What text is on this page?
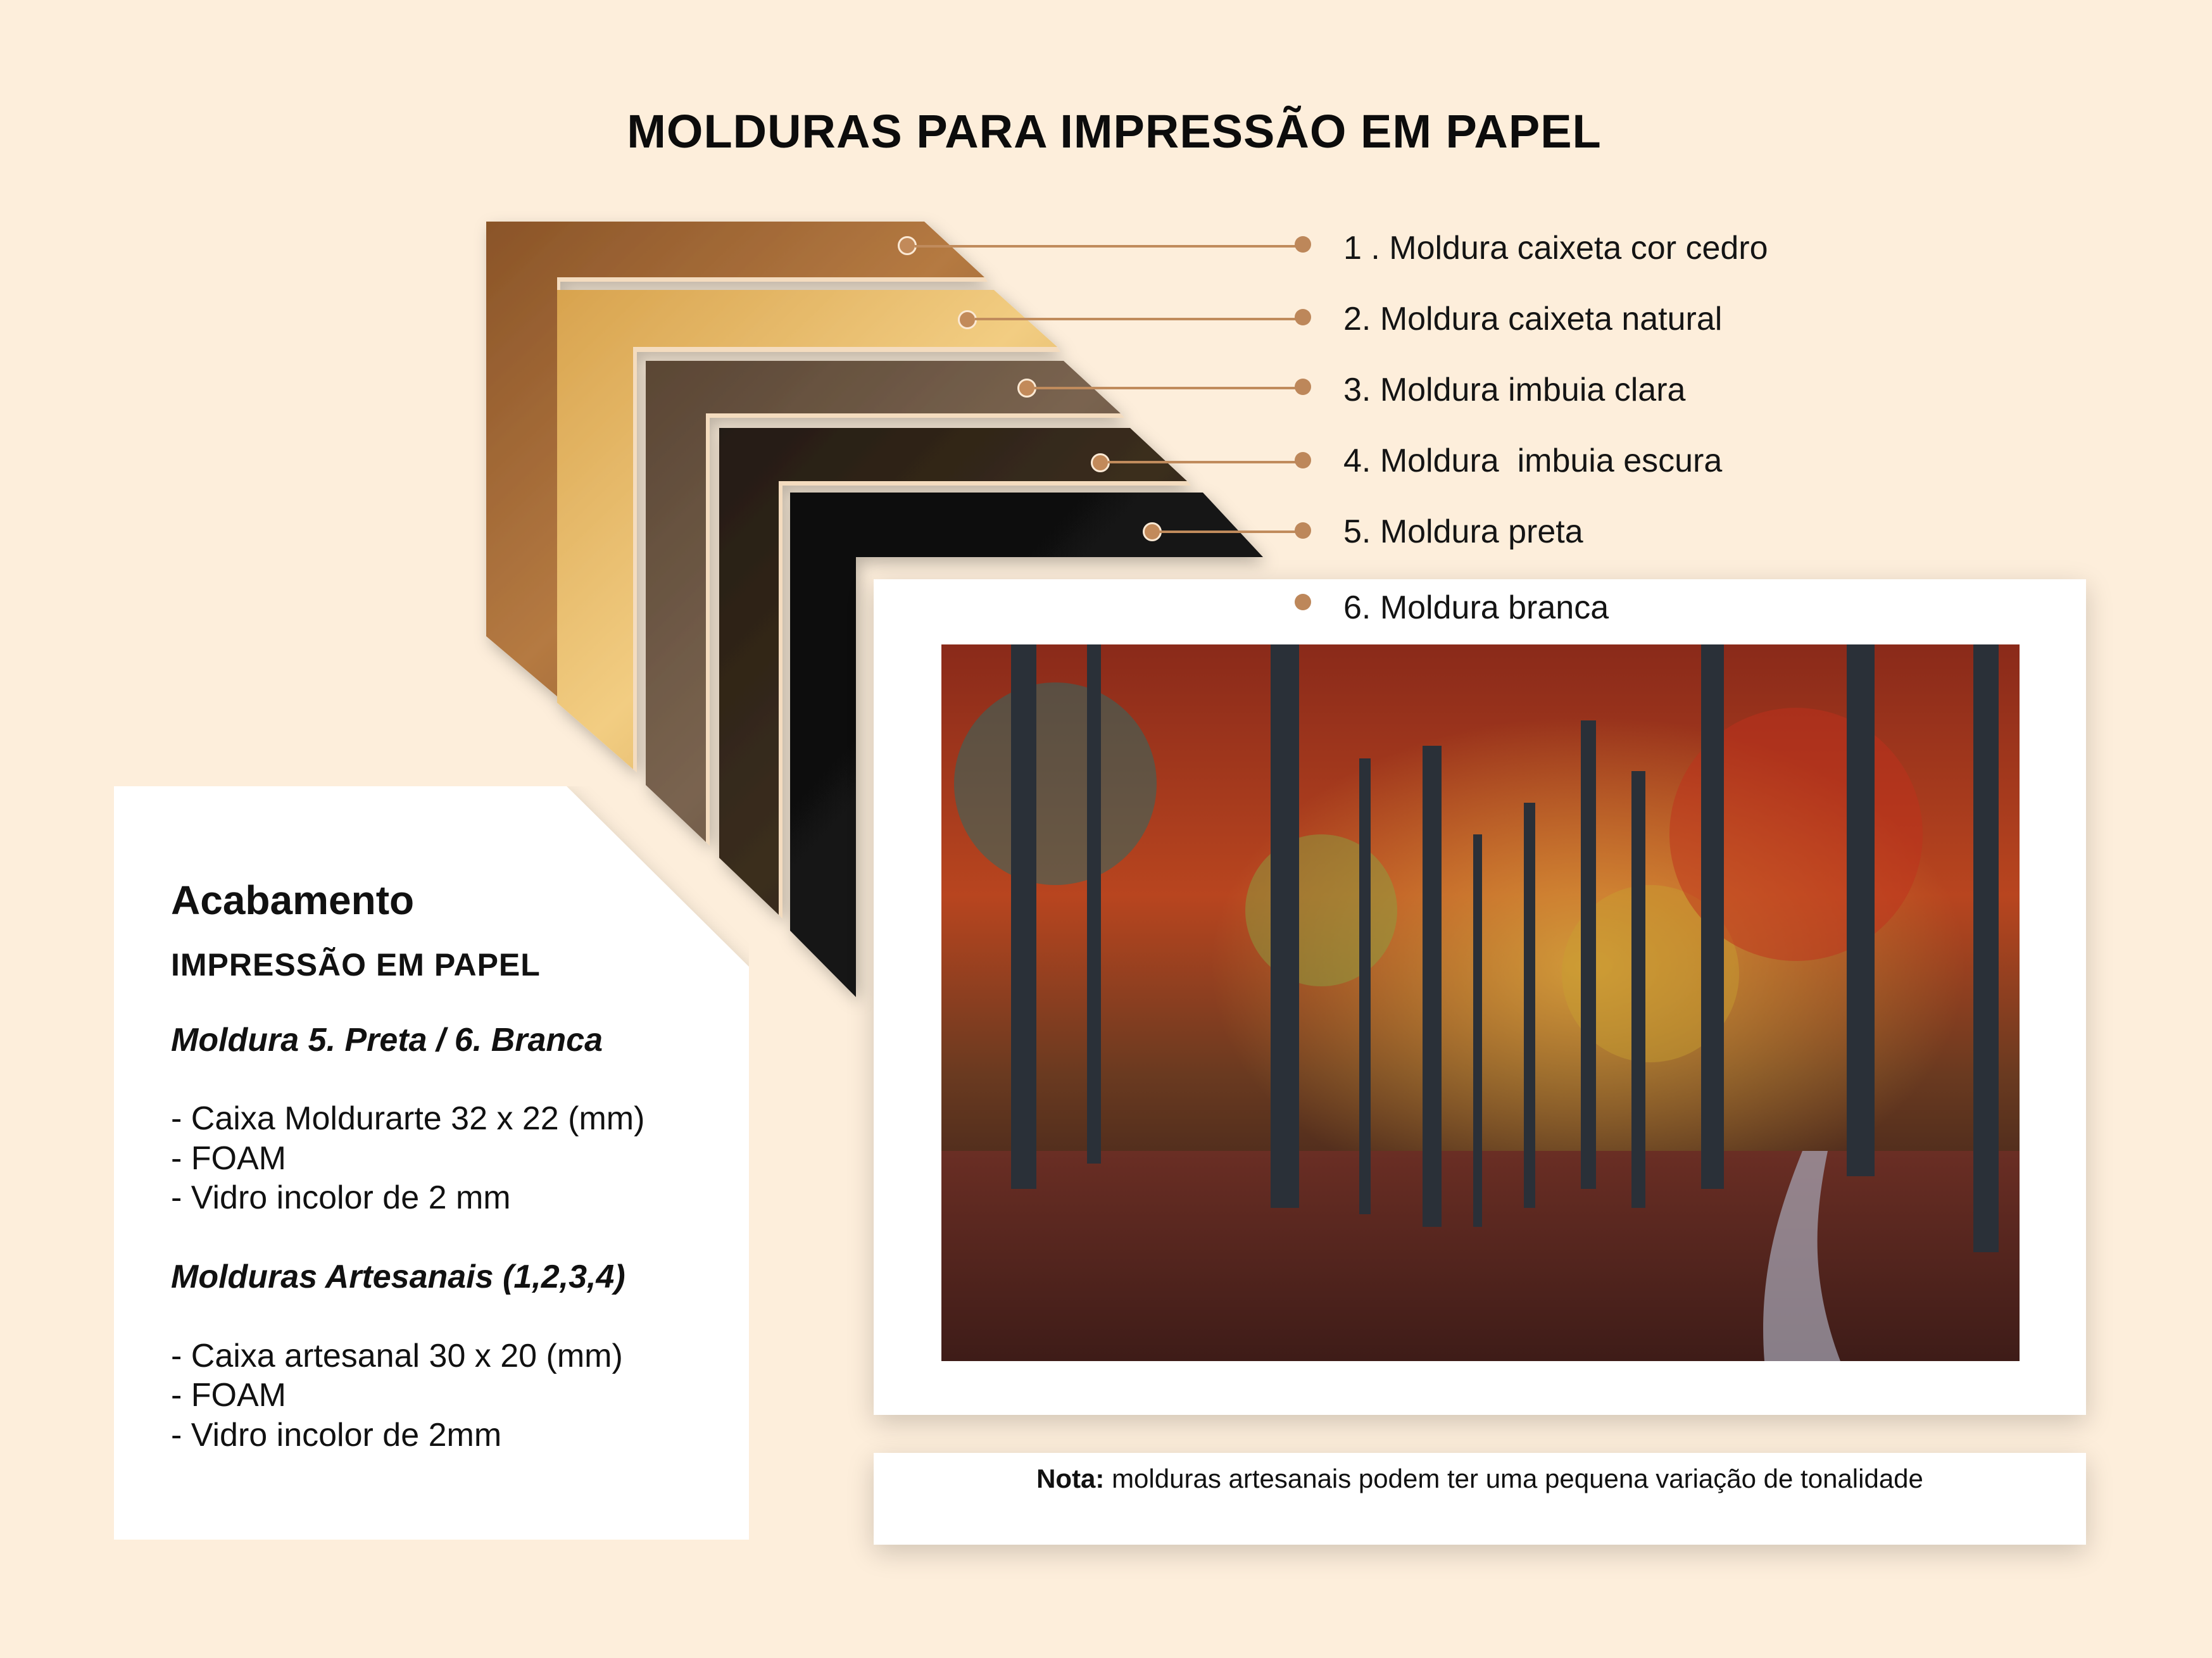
MOLDURAS PARA IMPRESSÃO EM PAPEL
1 . Moldura caixeta cor cedro
2. Moldura caixeta natural
3. Moldura imbuia clara
4. Moldura  imbuia escura
5. Moldura preta
6. Moldura branca
Acabamento
IMPRESSÃO EM PAPEL
Moldura 5. Preta / 6. Branca
- Caixa Moldurarte 32 x 22 (mm)
- FOAM
- Vidro incolor de 2 mm
Molduras Artesanais (1,2,3,4)
- Caixa artesanal 30 x 20 (mm)
- FOAM
- Vidro incolor de 2mm
Nota: molduras artesanais podem ter uma pequena variação de tonalidade
